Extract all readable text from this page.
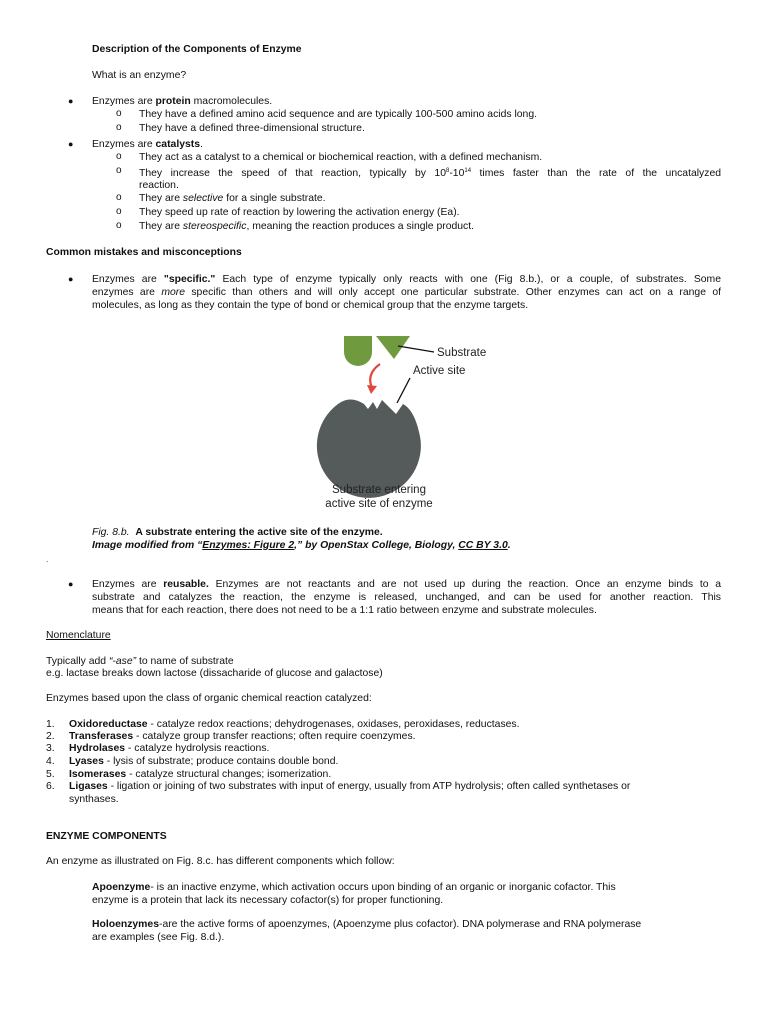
Description of the Components of Enzyme
What is an enzyme?
● Enzymes are protein macromolecules.
o They have a defined amino acid sequence and are typically 100-500 amino acids long.
o They have a defined three-dimensional structure.
● Enzymes are catalysts.
o They act as a catalyst to a chemical or biochemical reaction, with a defined mechanism.
o They increase the speed of that reaction, typically by $10^8-10^{14}$ times faster than the rate of the uncatalyzed
reaction.
o They are selective for a single substrate.
o They speed up rate of reaction by lowering the activation energy (Ea).
o They are stereospecific, meaning the reaction produces a single product.
Common mistakes and misconceptions
● Enzymes are "specific." Each type of enzyme typically only reacts with one (Fig 8.b.), or a couple, of substrates. Some
enzymes are more specific than others and will only accept one particular substrate. Other enzymes can act on a range of
molecules, as long as they contain the type of bond or chemical group that the enzyme targets.
Substrate
Active site
Substrate entering
active site of enzyme
Fig. 8.b. A substrate entering the active site of the enzyme.
Image modified from “Enzymes: Figure 2,” by OpenStax College, Biology, CC BY 3.0.
.
● Enzymes are reusable. Enzymes are not reactants and are not used up during the reaction. Once an enzyme binds to a
substrate and catalyzes the reaction, the enzyme is released, unchanged, and can be used for another reaction. This
means that for each reaction, there does not need to be a 1:1 ratio between enzyme and substrate molecules.
Nomenclature
Typically add “-ase” to name of substrate
e.g. lactase breaks down lactose (dissacharide of glucose and galactose)
Enzymes based upon the class of organic chemical reaction catalyzed:
1. Oxidoreductase - catalyze redox reactions; dehydrogenases, oxidases, peroxidases, reductases.
2. Transferases - catalyze group transfer reactions; often require coenzymes.
3. Hydrolases - catalyze hydrolysis reactions.
4. Lyases - lysis of substrate; produce contains double bond.
5. Isomerases - catalyze structural changes; isomerization.
6. Ligases - ligation or joining of two substrates with input of energy, usually from ATP hydrolysis; often called synthetases or
synthases.
ENZYME COMPONENTS
An enzyme as illustrated on Fig. 8.c. has different components which follow:
Apoenzyme- is an inactive enzyme, which activation occurs upon binding of an organic or inorganic cofactor. This
enzyme is a protein that lack its necessary cofactor(s) for proper functioning.
Holoenzymes-are the active forms of apoenzymes, (Apoenzyme plus cofactor). DNA polymerase and RNA polymerase
are examples (see Fig. 8.d.).
